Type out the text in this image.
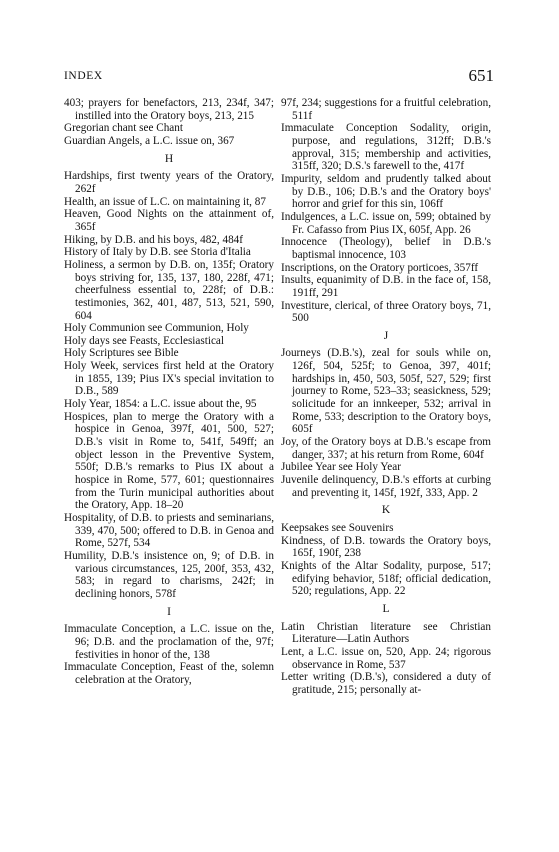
INDEX	651
403; prayers for benefactors, 213, 234f, 347; instilled into the Oratory boys, 213, 215
Gregorian chant see Chant
Guardian Angels, a L.C. issue on, 367
H
Hardships, first twenty years of the Oratory, 262f
Health, an issue of L.C. on maintaining it, 87
Heaven, Good Nights on the attainment of, 365f
Hiking, by D.B. and his boys, 482, 484f
History of Italy by D.B. see Storia d'Italia
Holiness, a sermon by D.B. on, 135f; Oratory boys striving for, 135, 137, 180, 228f, 471; cheerfulness essential to, 228f; of D.B.: testimonies, 362, 401, 487, 513, 521, 590, 604
Holy Communion see Communion, Holy
Holy days see Feasts, Ecclesiastical
Holy Scriptures see Bible
Holy Week, services first held at the Oratory in 1855, 139; Pius IX's special invitation to D.B., 589
Holy Year, 1854: a L.C. issue about the, 95
Hospices, plan to merge the Oratory with a hospice in Genoa, 397f, 401, 500, 527; D.B.'s visit in Rome to, 541f, 549ff; an object lesson in the Preventive System, 550f; D.B.'s remarks to Pius IX about a hospice in Rome, 577, 601; questionnaires from the Turin municipal authorities about the Oratory, App. 18–20
Hospitality, of D.B. to priests and seminarians, 339, 470, 500; offered to D.B. in Genoa and Rome, 527f, 534
Humility, D.B.'s insistence on, 9; of D.B. in various circumstances, 125, 200f, 353, 432, 583; in regard to charisms, 242f; in declining honors, 578f
I
Immaculate Conception, a L.C. issue on the, 96; D.B. and the proclamation of the, 97f; festivities in honor of the, 138
Immaculate Conception, Feast of the, solemn celebration at the Oratory,
97f, 234; suggestions for a fruitful celebration, 511f
Immaculate Conception Sodality, origin, purpose, and regulations, 312ff; D.B.'s approval, 315; membership and activities, 315ff, 320; D.S.'s farewell to the, 417f
Impurity, seldom and prudently talked about by D.B., 106; D.B.'s and the Oratory boys' horror and grief for this sin, 106ff
Indulgences, a L.C. issue on, 599; obtained by Fr. Cafasso from Pius IX, 605f, App. 26
Innocence (Theology), belief in D.B.'s baptismal innocence, 103
Inscriptions, on the Oratory porticoes, 357ff
Insults, equanimity of D.B. in the face of, 158, 191ff, 291
Investiture, clerical, of three Oratory boys, 71, 500
J
Journeys (D.B.'s), zeal for souls while on, 126f, 504, 525f; to Genoa, 397, 401f; hardships in, 450, 503, 505f, 527, 529; first journey to Rome, 523–33; seasickness, 529; solicitude for an innkeeper, 532; arrival in Rome, 533; description to the Oratory boys, 605f
Joy, of the Oratory boys at D.B.'s escape from danger, 337; at his return from Rome, 604f
Jubilee Year see Holy Year
Juvenile delinquency, D.B.'s efforts at curbing and preventing it, 145f, 192f, 333, App. 2
K
Keepsakes see Souvenirs
Kindness, of D.B. towards the Oratory boys, 165f, 190f, 238
Knights of the Altar Sodality, purpose, 517; edifying behavior, 518f; official dedication, 520; regulations, App. 22
L
Latin Christian literature see Christian Literature—Latin Authors
Lent, a L.C. issue on, 520, App. 24; rigorous observance in Rome, 537
Letter writing (D.B.'s), considered a duty of gratitude, 215; personally at-
